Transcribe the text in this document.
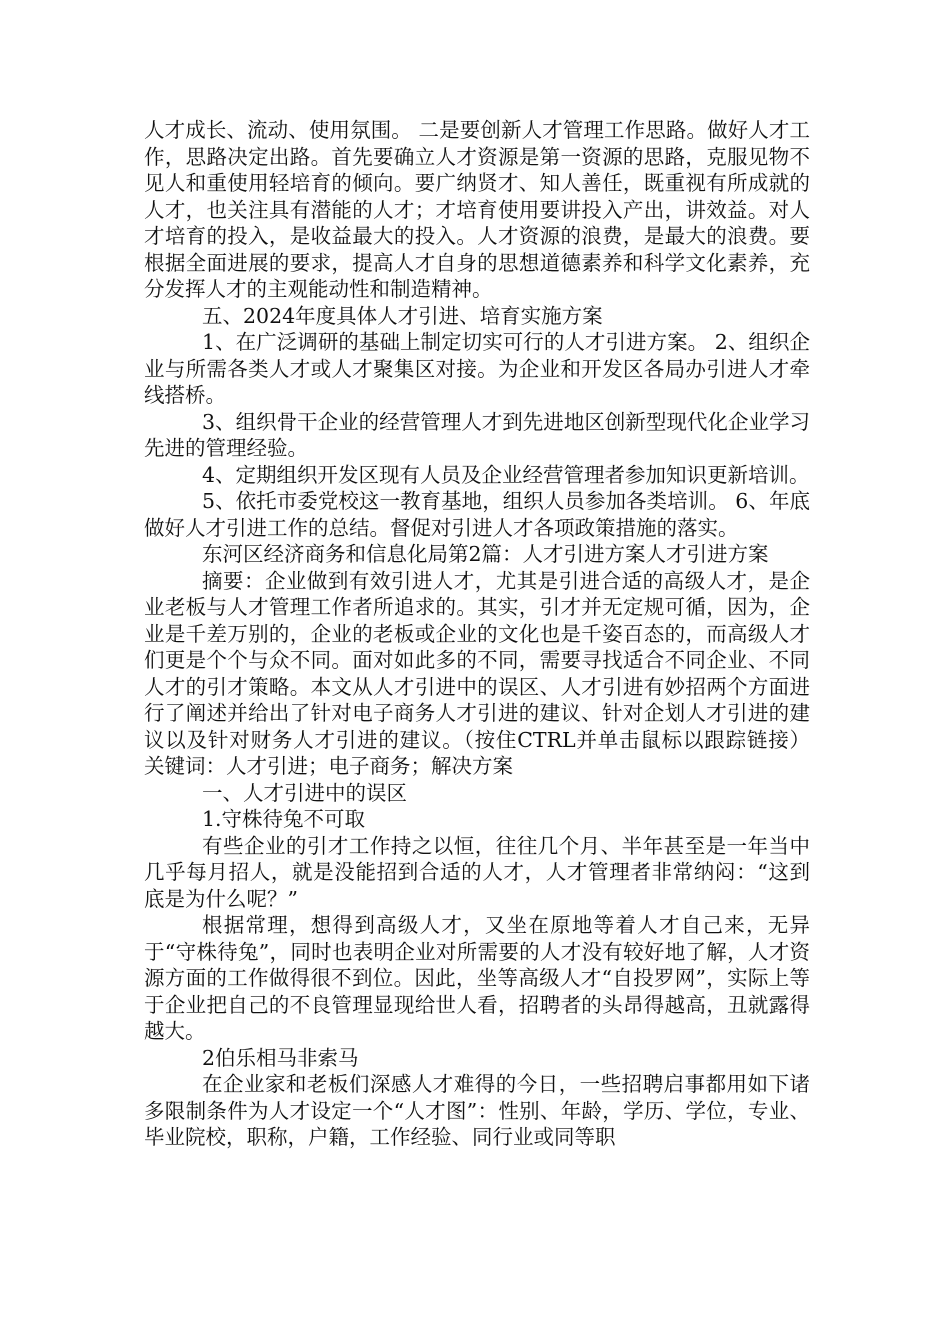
人才成长、流动、使用氛围。 二是要创新人才管理工作思路。做好人才工作，思路决定出路。首先要确立人才资源是第一资源的思路，克服见物不见人和重使用轻培育的倾向。要广纳贤才、知人善任，既重视有所成就的人才，也关注具有潜能的人才；才培育使用要讲投入产出，讲效益。对人才培育的投入，是收益最大的投入。人才资源的浪费，是最大的浪费。要根据全面进展的要求，提高人才自身的思想道德素养和科学文化素养，充分发挥人才的主观能动性和制造精神。

五、2024年度具体人才引进、培育实施方案

1、在广泛调研的基础上制定切实可行的人才引进方案。 2、组织企业与所需各类人才或人才聚集区对接。为企业和开发区各局办引进人才牵线搭桥。

3、组织骨干企业的经营管理人才到先进地区创新型现代化企业学习先进的管理经验。

4、定期组织开发区现有人员及企业经营管理者参加知识更新培训。

5、依托市委党校这一教育基地，组织人员参加各类培训。 6、年底做好人才引进工作的总结。督促对引进人才各项政策措施的落实。

东河区经济商务和信息化局第2篇：人才引进方案人才引进方案

摘要：企业做到有效引进人才，尤其是引进合适的高级人才，是企业老板与人才管理工作者所追求的。其实，引才并无定规可循，因为，企业是千差万别的，企业的老板或企业的文化也是千姿百态的，而高级人才们更是个个与众不同。面对如此多的不同，需要寻找适合不同企业、不同人才的引才策略。本文从人才引进中的误区、人才引进有妙招两个方面进行了阐述并给出了针对电子商务人才引进的建议、针对企划人才引进的建议以及针对财务人才引进的建议。（按住CTRL并单击鼠标以跟踪链接） 关键词：人才引进；电子商务；解决方案

一、人才引进中的误区

1.守株待兔不可取

有些企业的引才工作持之以恒，往往几个月、半年甚至是一年当中几乎每月招人，就是没能招到合适的人才，人才管理者非常纳闷：“这到底是为什么呢？”

根据常理，想得到高级人才，又坐在原地等着人才自己来，无异于“守株待兔”，同时也表明企业对所需要的人才没有较好地了解，人才资源方面的工作做得很不到位。因此，坐等高级人才“自投罗网”，实际上等于企业把自己的不良管理显现给世人看，招聘者的头昂得越高，丑就露得越大。

2伯乐相马非索马

在企业家和老板们深感人才难得的今日，一些招聘启事都用如下诸多限制条件为人才设定一个“人才图”：性别、年龄，学历、学位，专业、毕业院校，职称，户籍，工作经验、同行业或同等职
